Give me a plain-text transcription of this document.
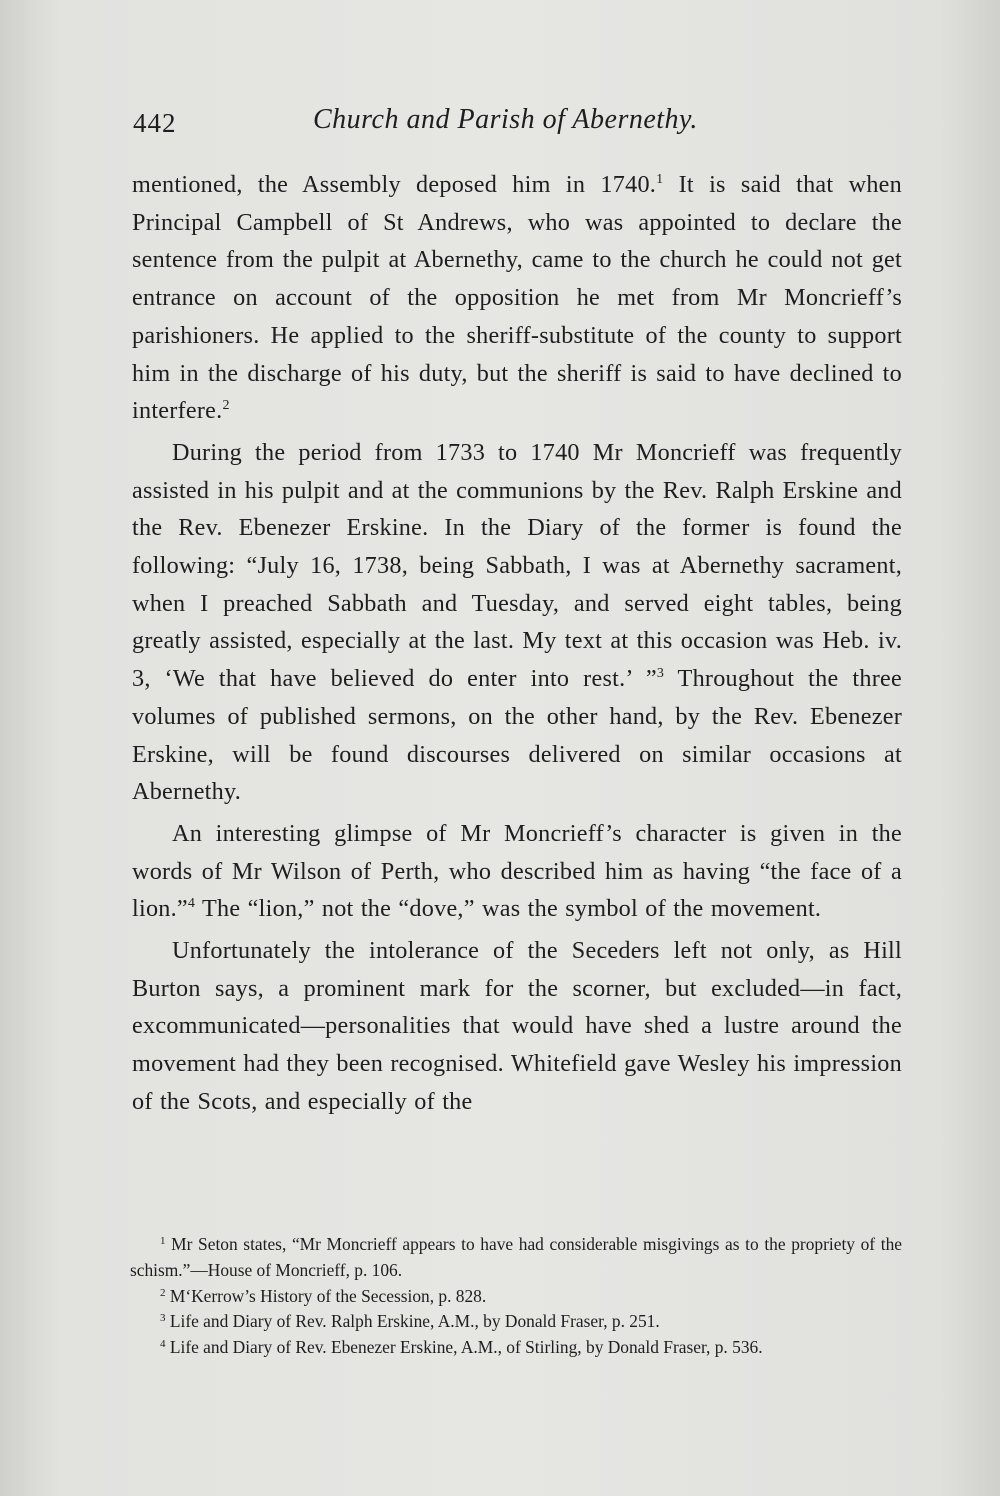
442	Church and Parish of Abernethy.

mentioned, the Assembly deposed him in 1740.$^1$ It is said that when Principal Campbell of St Andrews, who was appointed to declare the sentence from the pulpit at Abernethy, came to the church he could not get entrance on account of the opposition he met from Mr Moncrieff’s parishioners. He applied to the sheriff-substitute of the county to support him in the discharge of his duty, but the sheriff is said to have declined to interfere.$^2$

During the period from 1733 to 1740 Mr Moncrieff was frequently assisted in his pulpit and at the communions by the Rev. Ralph Erskine and the Rev. Ebenezer Erskine. In the Diary of the former is found the following: “July 16, 1738, being Sabbath, I was at Abernethy sacrament, when I preached Sabbath and Tuesday, and served eight tables, being greatly assisted, especially at the last. My text at this occasion was Heb. iv. 3, ‘We that have believed do enter into rest.’ ”$^3$ Throughout the three volumes of published sermons, on the other hand, by the Rev. Ebenezer Erskine, will be found discourses delivered on similar occasions at Abernethy.

An interesting glimpse of Mr Moncrieff’s character is given in the words of Mr Wilson of Perth, who described him as having “the face of a lion.”$^4$ The “lion,” not the “dove,” was the symbol of the movement.

Unfortunately the intolerance of the Seceders left not only, as Hill Burton says, a prominent mark for the scorner, but excluded—in fact, excommunicated—personalities that would have shed a lustre around the movement had they been recognised. Whitefield gave Wesley his impression of the Scots, and especially of the

$^1$ Mr Seton states, “Mr Moncrieff appears to have had considerable misgivings as to the propriety of the schism.”—House of Moncrieff, p. 106.

$^2$ M‘Kerrow’s History of the Secession, p. 828.

$^3$ Life and Diary of Rev. Ralph Erskine, A.M., by Donald Fraser, p. 251.

$^4$ Life and Diary of Rev. Ebenezer Erskine, A.M., of Stirling, by Donald Fraser, p. 536.
